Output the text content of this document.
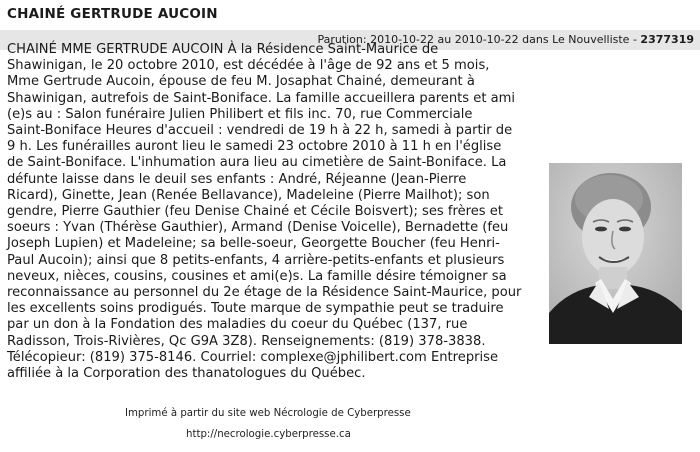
CHAINÉ GERTRUDE AUCOIN
Parution: 2010-10-22 au 2010-10-22 dans Le Nouvelliste - 2377319
CHAINÉ MME GERTRUDE AUCOIN À la Résidence Saint-Maurice de
Shawinigan, le 20 octobre 2010, est décédée à l'âge de 92 ans et 5 mois,
Mme Gertrude Aucoin, épouse de feu M. Josaphat Chainé, demeurant à
Shawinigan, autrefois de Saint-Boniface. La famille accueillera parents et ami
(e)s au : Salon funéraire Julien Philibert et fils inc. 70, rue Commerciale
Saint-Boniface Heures d'accueil : vendredi de 19 h à 22 h, samedi à partir de
9 h. Les funérailles auront lieu le samedi 23 octobre 2010 à 11 h en l'église
de Saint-Boniface. L'inhumation aura lieu au cimetière de Saint-Boniface. La
défunte laisse dans le deuil ses enfants : André, Réjeanne (Jean-Pierre
Ricard), Ginette, Jean (Renée Bellavance), Madeleine (Pierre Mailhot); son
gendre, Pierre Gauthier (feu Denise Chainé et Cécile Boisvert); ses frères et
soeurs : Yvan (Thérèse Gauthier), Armand (Denise Voicelle), Bernadette (feu
Joseph Lupien) et Madeleine; sa belle-soeur, Georgette Boucher (feu Henri-
Paul Aucoin); ainsi que 8 petits-enfants, 4 arrière-petits-enfants et plusieurs
neveux, nièces, cousins, cousines et ami(e)s. La famille désire témoigner sa
reconnaissance au personnel du 2e étage de la Résidence Saint-Maurice, pour
les excellents soins prodigués. Toute marque de sympathie peut se traduire
par un don à la Fondation des maladies du coeur du Québec (137, rue
Radisson, Trois-Rivières, Qc G9A 3Z8). Renseignements: (819) 378-3838.
Télécopieur: (819) 375-8146. Courriel: complexe@jphilibert.com Entreprise
affiliée à la Corporation des thanatologues du Québec.
Imprimé à partir du site web Nécrologie de Cyberpresse
http://necrologie.cyberpresse.ca
